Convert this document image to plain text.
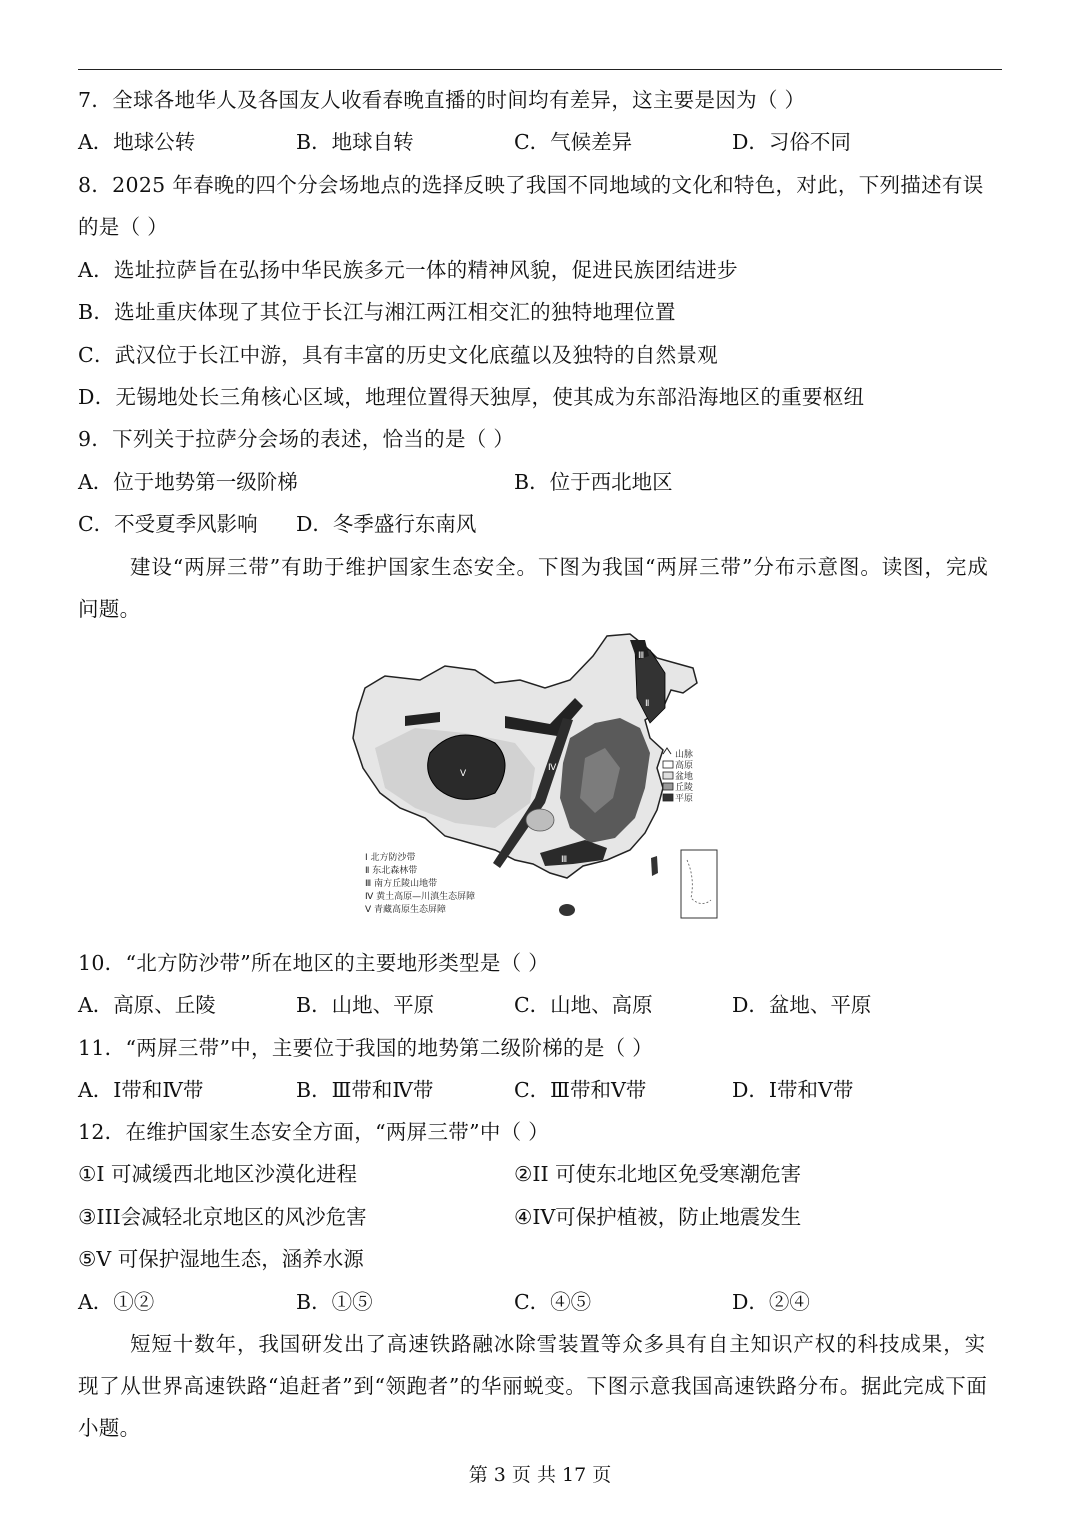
7．全球各地华人及各国友人收看春晚直播的时间均有差异，这主要是因为（ ）
A．地球公转	B．地球自转	C．气候差异	D．习俗不同
8．2025 年春晚的四个分会场地点的选择反映了我国不同地域的文化和特色，对此，下列描述有误
的是（ ）
A．选址拉萨旨在弘扬中华民族多元一体的精神风貌，促进民族团结进步
B．选址重庆体现了其位于长江与湘江两江相交汇的独特地理位置
C．武汉位于长江中游，具有丰富的历史文化底蕴以及独特的自然景观
D．无锡地处长三角核心区域，地理位置得天独厚，使其成为东部沿海地区的重要枢纽
9．下列关于拉萨分会场的表述，恰当的是（ ）
A．位于地势第一级阶梯	B．位于西北地区
C．不受夏季风影响 D．冬季盛行东南风
建设“两屏三带”有助于维护国家生态安全。下图为我国“两屏三带”分布示意图。读图，完成
问题。
Ⅲ
Ⅱ
Ⅴ
Ⅳ
Ⅲ
山脉
高原
盆地
丘陵
平原
Ⅰ 北方防沙带
Ⅱ 东北森林带
Ⅲ 南方丘陵山地带
Ⅳ 黄土高原—川滇生态屏障
Ⅴ 青藏高原生态屏障
10．“北方防沙带”所在地区的主要地形类型是（ ）
A．高原、丘陵	B．山地、平原	C．山地、高原	D．盆地、平原
11．“两屏三带”中，主要位于我国的地势第二级阶梯的是（ ）
A．Ⅰ带和Ⅳ带	B．Ⅲ带和Ⅳ带	C．Ⅲ带和Ⅴ带	D．Ⅰ带和Ⅴ带
12．在维护国家生态安全方面，“两屏三带”中（ ）
①I 可减缓西北地区沙漠化进程	②II 可使东北地区免受寒潮危害
③III会减轻北京地区的风沙危害	④IV可保护植被，防止地震发生
⑤V 可保护湿地生态，涵养水源
A．①②	B．①⑤	C．④⑤	D．②④
短短十数年，我国研发出了高速铁路融冰除雪装置等众多具有自主知识产权的科技成果，实
现了从世界高速铁路“追赶者”到“领跑者”的华丽蜕变。下图示意我国高速铁路分布。据此完成下面
小题。
第 3 页 共 17 页
